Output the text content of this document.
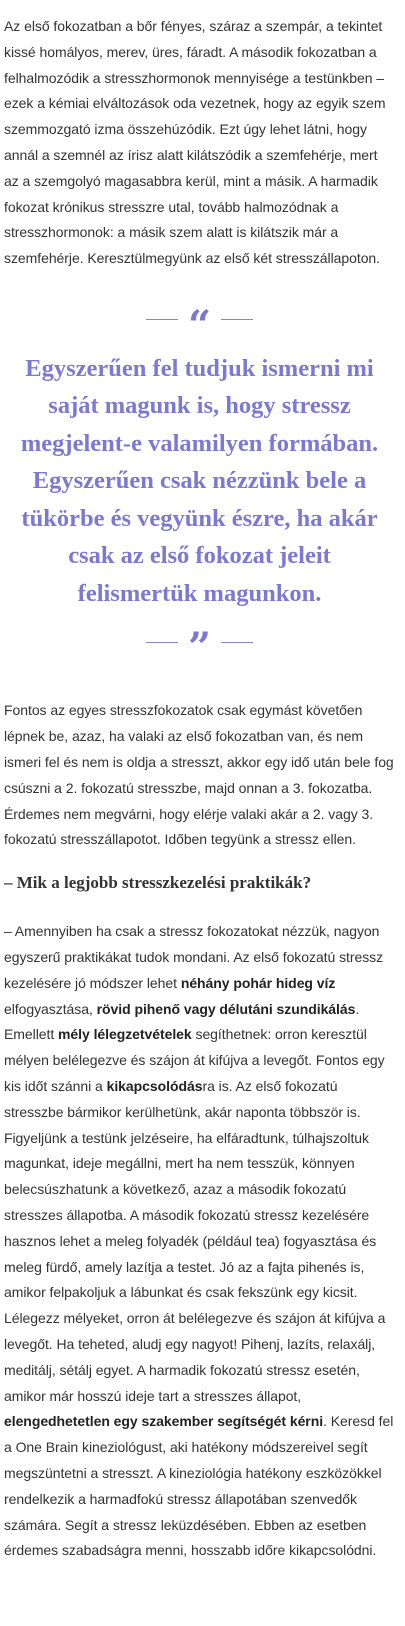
Az első fokozatban a bőr fényes, száraz a szempár, a tekintet kissé homályos, merev, üres, fáradt. A második fokozatban a felhalmozódik a stresszhormonok mennyisége a testünkben – ezek a kémiai elváltozások oda vezetnek, hogy az egyik szem szemmozgató izma összehúzódik. Ezt úgy lehet látni, hogy annál a szemnél az írisz alatt kilátszódik a szemfehérje, mert az a szemgolyó magasabbra kerül, mint a másik. A harmadik fokozat krónikus stresszre utal, tovább halmozódnak a stresszhormonok: a másik szem alatt is kilátszik már a szemfehérje. Keresztülmegyünk az első két stresszállapoton.

“
Egyszerűen fel tudjuk ismerni mi saját magunk is, hogy stressz megjelent-e valamilyen formában. Egyszerűen csak nézzünk bele a tükörbe és vegyünk észre, ha akár csak az első fokozat jeleit felismertük magunkon.
”

Fontos az egyes stresszfokozatok csak egymást követően lépnek be, azaz, ha valaki az első fokozatban van, és nem ismeri fel és nem is oldja a stresszt, akkor egy idő után bele fog csúszni a 2. fokozatú stresszbe, majd onnan a 3. fokozatba. Érdemes nem megvárni, hogy elérje valaki akár a 2. vagy 3. fokozatú stresszállapotot. Időben tegyünk a stressz ellen.

– Mik a legjobb stresszkezelési praktikák?

– Amennyiben ha csak a stressz fokozatokat nézzük, nagyon egyszerű praktikákat tudok mondani. Az első fokozatú stressz kezelésére jó módszer lehet néhány pohár hideg víz elfogyasztása, rövid pihenő vagy délutáni szundikálás. Emellett mély lélegzetvételek segíthetnek: orron keresztül mélyen belélegezve és szájon át kifújva a levegőt. Fontos egy kis időt szánni a kikapcsolódásra is. Az első fokozatú stresszbe bármikor kerülhetünk, akár naponta többször is. Figyeljünk a testünk jelzéseire, ha elfáradtunk, túlhajszoltuk magunkat, ideje megállni, mert ha nem tesszük, könnyen belecsúszhatunk a következő, azaz a második fokozatú stresszes állapotba. A második fokozatú stressz kezelésére hasznos lehet a meleg folyadék (például tea) fogyasztása és meleg fürdő, amely lazítja a testet. Jó az a fajta pihenés is, amikor felpakoljuk a lábunkat és csak fekszünk egy kicsit. Lélegezz mélyeket, orron át belélegezve és szájon át kifújva a levegőt. Ha teheted, aludj egy nagyot! Pihenj, lazíts, relaxálj, meditálj, sétálj egyet. A harmadik fokozatú stressz esetén, amikor már hosszú ideje tart a stresszes állapot, elengedhetetlen egy szakember segítségét kérni. Keresd fel a One Brain kineziológust, aki hatékony módszereivel segít megszüntetni a stresszt. A kineziológia hatékony eszközökkel rendelkezik a harmadfokú stressz állapotában szenvedők számára. Segít a stressz leküzdésében. Ebben az esetben érdemes szabadságra menni, hosszabb időre kikapcsolódni.
